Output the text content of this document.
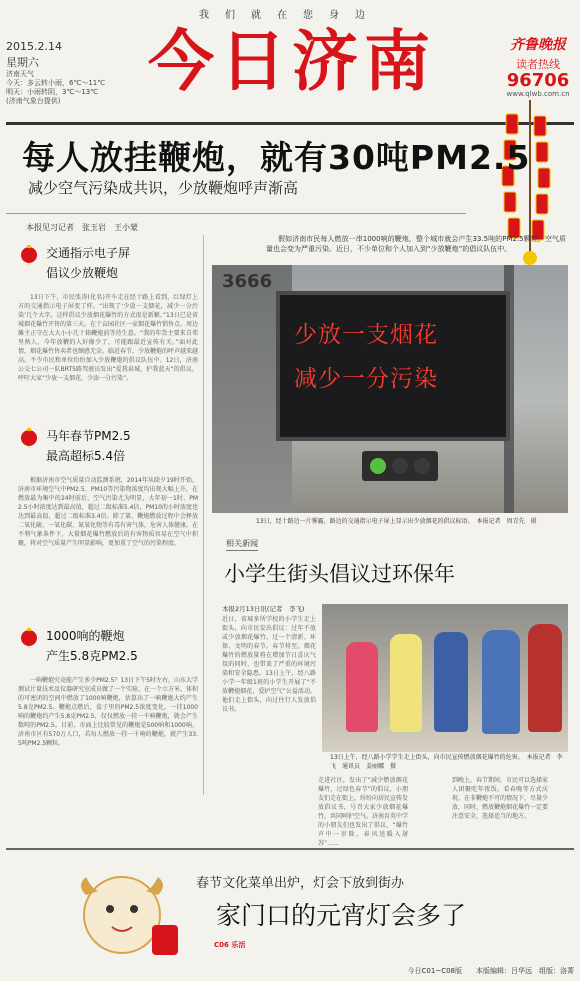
我们就在您身边
2015.2.14
星期六
济南天气
今天：多云转小雨，6℃～11℃
明天：小雨转阴，3℃～13℃
(济南气象台提供)
今日济南	齐鲁晚报
读者热线
96706
www.qlwb.com.cn
每人放挂鞭炮，就有30吨PM2.5
减少空气污染成共识，少放鞭炮呼声渐高
本报见习记者　张玉岩　王小蒙
交通指示电子屏
倡议少放鞭炮

13日下午，市民张涛(化名)开车走在经十路上看到，红绿灯上方的交通指示电子屏变了样。“出现了‘少放一支烟花，减少一分污染’几个大字，这样倡议少放烟花爆竹的方式很是新颖。”13日已是省城烟花爆竹开售的第三天。在十亩园社区一家烟花爆竹销售点，周边摊主正守在大大小小几十箱鞭炮前等待生意。“我的年货主要来自邻里熟人，今年放鞭的人好像少了，可能跟最近宣传有关。”面对此情，烟花爆竹售卖者也颇感无奈。临近春节，少放鞭炮的呼声越来越高。不少市民和单位纷纷加入少放鞭炮的倡议队伍中。12日，济南公交七公司一队BRT5路驾驶员发出“爱我泉城，护我蓝天”的倡议，呼吁大家“少放一支烟花，少添一分污染”。

马年春节PM2.5
最高超标5.4倍

根据济南市空气质量自动监测系统，2014年从除夕19时开始，济南市环境空气中PM2.5、PM10等污染物浓度均出现大幅上升，在燃放最为集中的24时前后，空气污染尤为明显，大年初一1时，PM2.5小时浓度达到最高值，超过二级标准5.4倍，PM10的小时浓度也达到最高值，超过二级标准3.4倍。除了第，鞭炮燃放过程中会释放二氧化硫、一氧化碳、氮氧化物等有毒有害气体，危害人体健康。在不利气象条件下，大量烟花爆竹燃放后的有害物质容易在空气中积聚，将对空气质量产生明显影响，更加重了空气的污染程度。

1000响的鞭炮
产生5.8克PM2.5

一响鞭炮究竟能产生多少PM2.5？13日下午5时左右，山东大学测试计量技术及仪器研究室成员做了一个实验，在一个立方米、体积的可密闭的空间中燃放了1000响鞭炮，估算出了一响鞭炮大约产生5.8克PM2.5。鞭炮点燃后，盒子里的PM2.5浓度变化。一挂1000响的鞭炮约产生5.8克PM2.5，仅仅燃放一挂一千响鞭炮，就会产生数吨的PM2.5。目前，市面上比较常见的鞭炮是500响和1000响，济南市区有570万人口，若每人燃放一挂一千响的鞭炮，就产生33.5吨PM2.5颗粒。

假如济南市民每人燃放一串1000响的鞭炮，整个城市就会产生33.5吨的PM2.5颗粒，空气质量也会变为严重污染。近日，不少单位和个人加入到“少放鞭炮”的倡议队伍中。

3666
少放一支烟花
减少一分污染
13日，经十路边一片雾霾，路边的交通指示电子屏上显示出少放烟花的倡议标语。　本报记者　周青先　摄
相关新闻
小学生街头倡议过环保年
本报2月13日讯(记者　李飞)

近日，省城多所学校的小学生走上街头，向市民发出倡议：过年不放或少放烟花爆竹，过一个清新、环保、文明的春节。春节将至，烟花爆竹的燃放量将在增加节日喜庆气氛的同时，也带来了严重的环境污染和安全隐患。13日上午，经八路小学一年级1班的小学生开展了“不放鞭炮烟花，爱护空气”公益活动。他们走上街头，向过往行人发放倡议书。

13日上午，经八路小学学生走上街头，向市民宣传燃放烟花爆竹的危害。　本报记者　李飞　通讯员　姜丽娜　摄

走进社区，发出了“减少燃放烟花爆竹，过绿色春节”的倡议，小朋友们走在街上，纷纷向居民宣传发放倡议书，号召大家少放烟花爆竹，共同呵护空气。济南育英中学的小朋友们也发出了倡议，“爆竹声中一岁除，春风送暖入屠苏”……

到晚上，春节期间，市民可以选择家人团聚吃年夜饭，看春晚等方式庆祝，在非鞭炮不可的情况下，尽量少放，同时，燃放鞭炮烟花爆竹一定要注意安全，选择适当的地方。

春节文化菜单出炉，灯会下放到街办
家门口的元宵灯会多了
C06 乐活
今日C01~C08版　　本版编辑：吕华远　组版：洛菁
